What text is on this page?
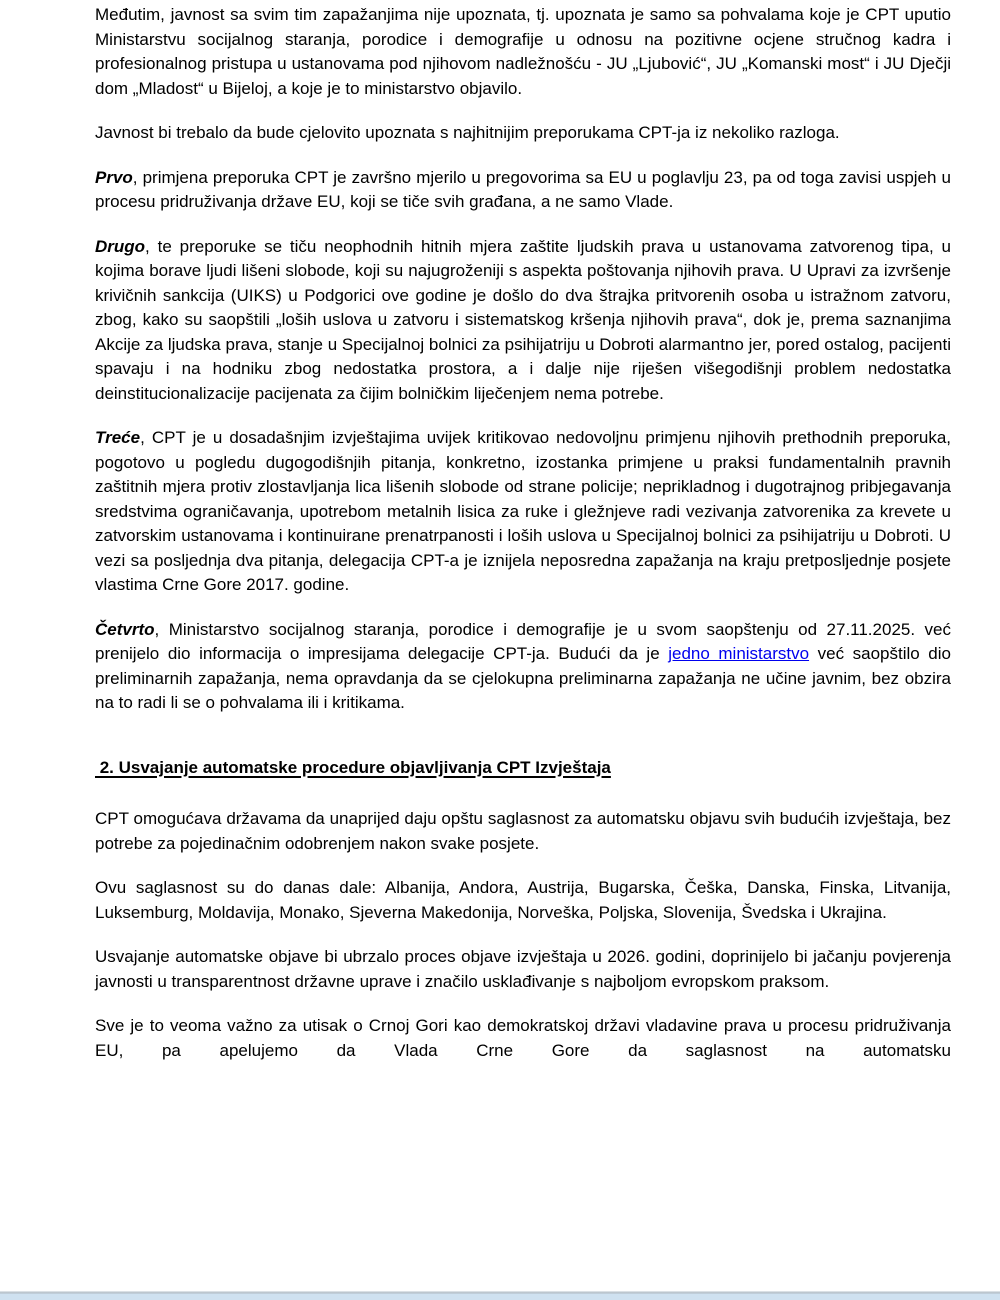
Međutim, javnost sa svim tim zapažanjima nije upoznata, tj. upoznata je samo sa pohvalama koje je CPT uputio Ministarstvu socijalnog staranja, porodice i demografije u odnosu na pozitivne ocjene stručnog kadra i profesionalnog pristupa u ustanovama pod njihovom nadležnošću - JU „Ljubović“, JU „Komanski most“ i JU Dječji dom „Mladost“ u Bijeloj, a koje je to ministarstvo objavilo.

Javnost bi trebalo da bude cjelovito upoznata s najhitnijim preporukama CPT-ja iz nekoliko razloga.

Prvo, primjena preporuka CPT je završno mjerilo u pregovorima sa EU u poglavlju 23, pa od toga zavisi uspjeh u procesu pridruživanja države EU, koji se tiče svih građana, a ne samo Vlade.

Drugo, te preporuke se tiču neophodnih hitnih mjera zaštite ljudskih prava u ustanovama zatvorenog tipa, u kojima borave ljudi lišeni slobode, koji su najugroženiji s aspekta poštovanja njihovih prava. U Upravi za izvršenje krivičnih sankcija (UIKS) u Podgorici ove godine je došlo do dva štrajka pritvorenih osoba u istražnom zatvoru, zbog, kako su saopštili „loših uslova u zatvoru i sistematskog kršenja njihovih prava“, dok je, prema saznanjima Akcije za ljudska prava, stanje u Specijalnoj bolnici za psihijatriju u Dobroti alarmantno jer, pored ostalog, pacijenti spavaju i na hodniku zbog nedostatka prostora, a i dalje nije riješen višegodišnji problem nedostatka deinstitucionalizacije pacijenata za čijim bolničkim liječenjem nema potrebe.

Treće, CPT je u dosadašnjim izvještajima uvijek kritikovao nedovoljnu primjenu njihovih prethodnih preporuka, pogotovo u pogledu dugogodišnjih pitanja, konkretno, izostanka primjene u praksi fundamentalnih pravnih zaštitnih mjera protiv zlostavljanja lica lišenih slobode od strane policije; neprikladnog i dugotrajnog pribjegavanja sredstvima ograničavanja, upotrebom metalnih lisica za ruke i gležnjeve radi vezivanja zatvorenika za krevete u zatvorskim ustanovama i kontinuirane prenatrpanosti i loših uslova u Specijalnoj bolnici za psihijatriju u Dobroti. U vezi sa posljednja dva pitanja, delegacija CPT-a je iznijela neposredna zapažanja na kraju pretposljednje posjete vlastima Crne Gore 2017. godine.

Četvrto, Ministarstvo socijalnog staranja, porodice i demografije je u svom saopštenju od 27.11.2025. već prenijelo dio informacija o impresijama delegacije CPT-ja. Budući da je jedno ministarstvo već saopštilo dio preliminarnih zapažanja, nema opravdanja da se cjelokupna preliminarna zapažanja ne učine javnim, bez obzira na to radi li se o pohvalama ili i kritikama.

2. Usvajanje automatske procedure objavljivanja CPT Izvještaja

CPT omogućava državama da unaprijed daju opštu saglasnost za automatsku objavu svih budućih izvještaja, bez potrebe za pojedinačnim odobrenjem nakon svake posjete.

Ovu saglasnost su do danas dale: Albanija, Andora, Austrija, Bugarska, Češka, Danska, Finska, Litvanija, Luksemburg, Moldavija, Monako, Sjeverna Makedonija, Norveška, Poljska, Slovenija, Švedska i Ukrajina.

Usvajanje automatske objave bi ubrzalo proces objave izvještaja u 2026. godini, doprinijelo bi jačanju povjerenja javnosti u transparentnost državne uprave i značilo usklađivanje s najboljom evropskom praksom.

Sve je to veoma važno za utisak o Crnoj Gori kao demokratskoj državi vladavine prava u procesu pridruživanja EU, pa apelujemo da Vlada Crne Gore da saglasnost na automatsku
